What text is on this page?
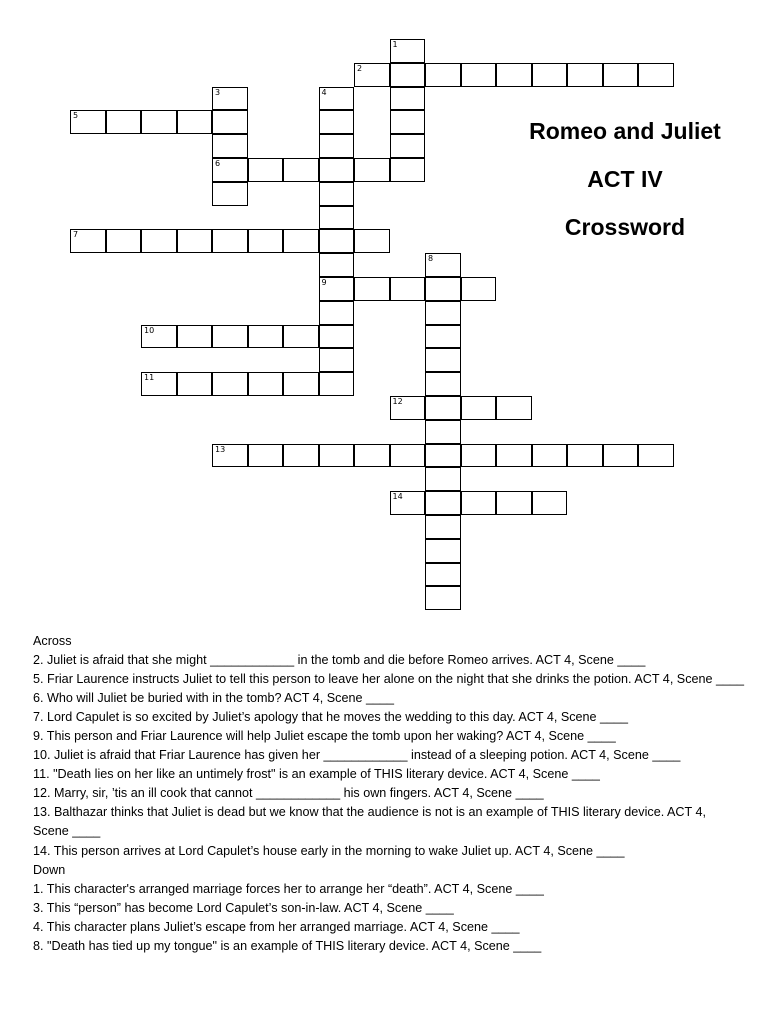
1
2
3
6
4
9
5
7
8
10
11
12
13
14
Romeo and Juliet
ACT IV
Crossword
Across
2. Juliet is afraid that she might ____________ in the tomb and die before Romeo arrives. ACT 4, Scene ____
5. Friar Laurence instructs Juliet to tell this person to leave her alone on the night that she drinks the potion. ACT 4, Scene ____
6. Who will Juliet be buried with in the tomb? ACT 4, Scene ____
7. Lord Capulet is so excited by Juliet’s apology that he moves the wedding to this day. ACT 4, Scene ____
9. This person and Friar Laurence will help Juliet escape the tomb upon her waking? ACT 4, Scene ____
10. Juliet is afraid that Friar Laurence has given her ____________ instead of a sleeping potion. ACT 4, Scene ____
11. "Death lies on her like an untimely frost" is an example of THIS literary device. ACT 4, Scene ____
12. Marry, sir, ’tis an ill cook that cannot ____________ his own fingers. ACT 4, Scene ____
13. Balthazar thinks that Juliet is dead but we know that the audience is not is an example of THIS literary device. ACT 4, Scene ____
14. This person arrives at Lord Capulet’s house early in the morning to wake Juliet up. ACT 4, Scene ____
Down
1. This character's arranged marriage forces her to arrange her “death”. ACT 4, Scene ____
3. This “person” has become Lord Capulet’s son-in-law. ACT 4, Scene ____
4. This character plans Juliet’s escape from her arranged marriage. ACT 4, Scene ____
8. "Death has tied up my tongue" is an example of THIS literary device. ACT 4, Scene ____
